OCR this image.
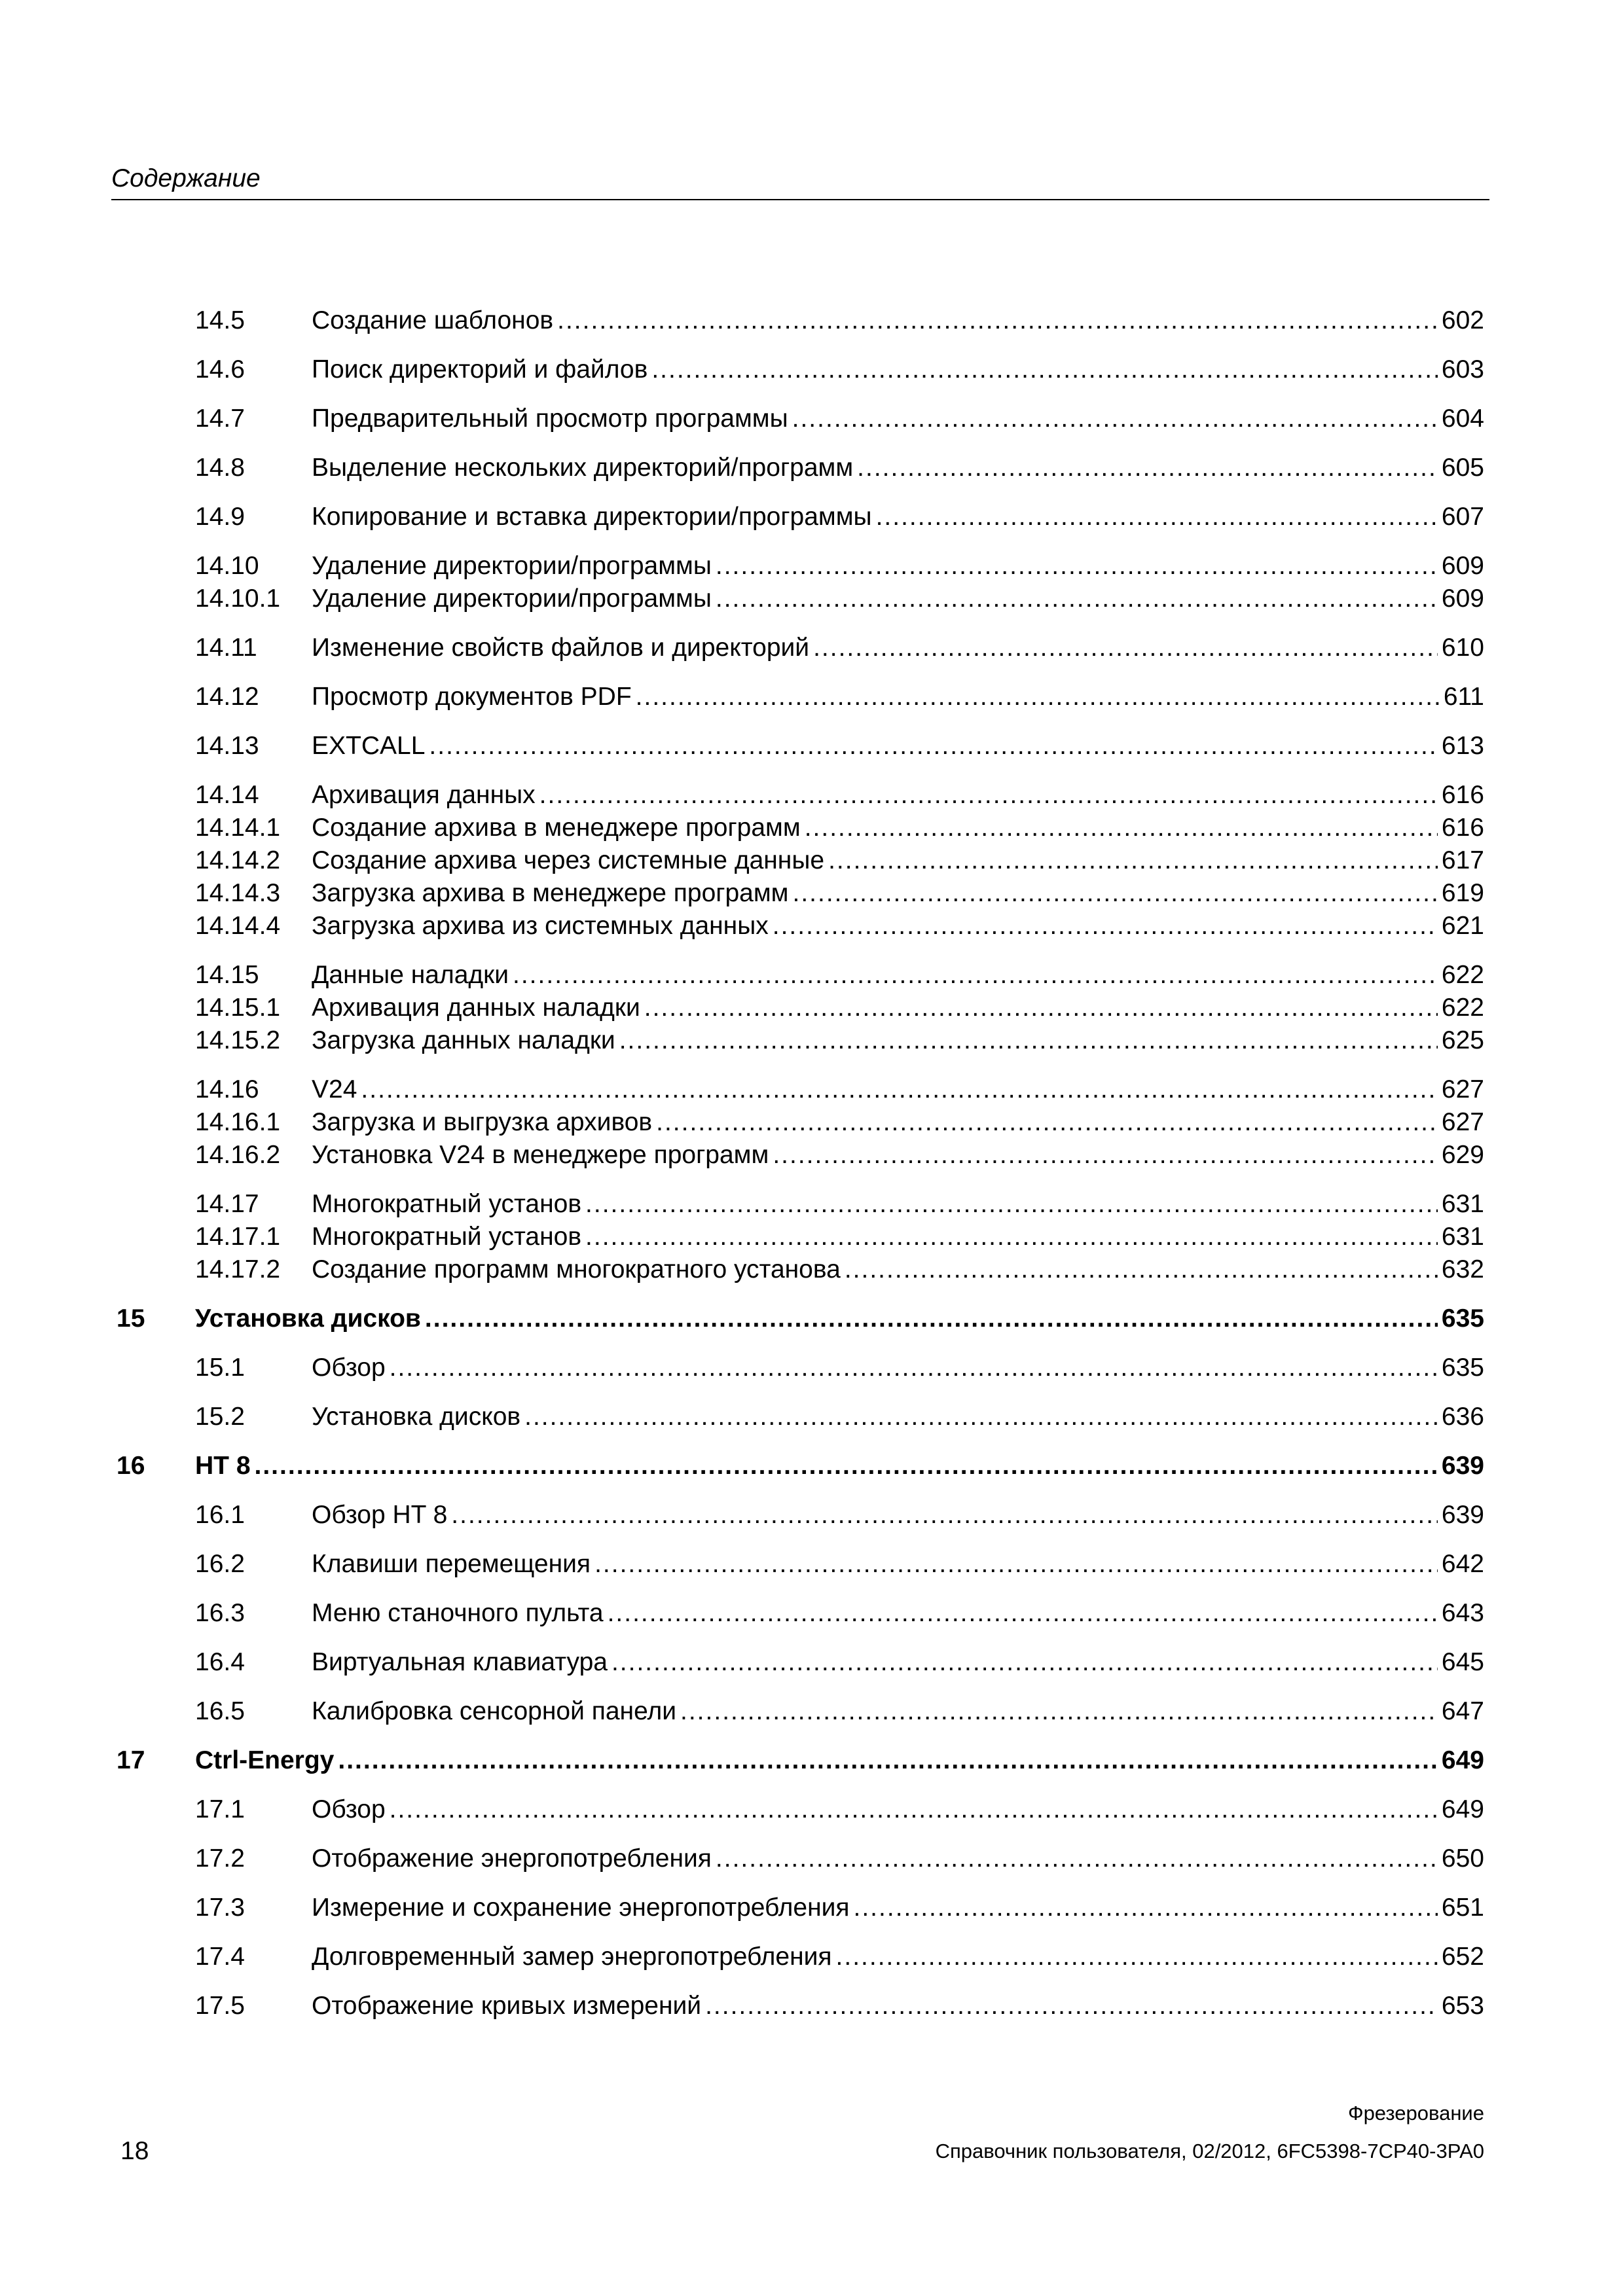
Содержание
14.5	Создание шаблонов .....	602
14.6	Поиск директорий и файлов .....	603
14.7	Предварительный просмотр программы .....	604
14.8	Выделение нескольких директорий/программ .....	605
14.9	Копирование и вставка директории/программы .....	607
14.10 Удаление директории/программы .....	609
14.10.1 Удаление директории/программы .....	609
14.11 Изменение свойств файлов и директорий .....	610
14.12 Просмотр документов PDF .....	611
14.13 EXTCALL .....	613
14.14 Архивация данных .....	616
14.14.1 Создание архива в менеджере программ .....	616
14.14.2 Создание архива через системные данные .....	617
14.14.3 Загрузка архива в менеджере программ .....	619
14.14.4 Загрузка архива из системных данных .....	621
14.15 Данные наладки .....	622
14.15.1 Архивация данных наладки .....	622
14.15.2 Загрузка данных наладки .....	625
14.16 V24 .....	627
14.16.1 Загрузка и выгрузка архивов .....	627
14.16.2 Установка V24 в менеджере программ .....	629
14.17 Многократный установ .....	631
14.17.1 Многократный установ .....	631
14.17.2 Создание программ многократного установа .....	632
15 Установка дисков .....	635
15.1	Обзор .....	635
15.2	Установка дисков .....	636
16 HT 8 .....	639
16.1	Обзор HT 8 .....	639
16.2	Клавиши перемещения .....	642
16.3	Меню станочного пульта .....	643
16.4	Виртуальная клавиатура .....	645
16.5	Калибровка сенсорной панели .....	647
17 Ctrl-Energy .....	649
17.1	Обзор .....	649
17.2	Отображение энергопотребления .....	650
17.3	Измерение и сохранение энергопотребления .....	651
17.4	Долговременный замер энергопотребления .....	652
17.5	Отображение кривых измерений .....	653
Фрезерование
18	Справочник пользователя, 02/2012, 6FC5398-7CP40-3PA0
